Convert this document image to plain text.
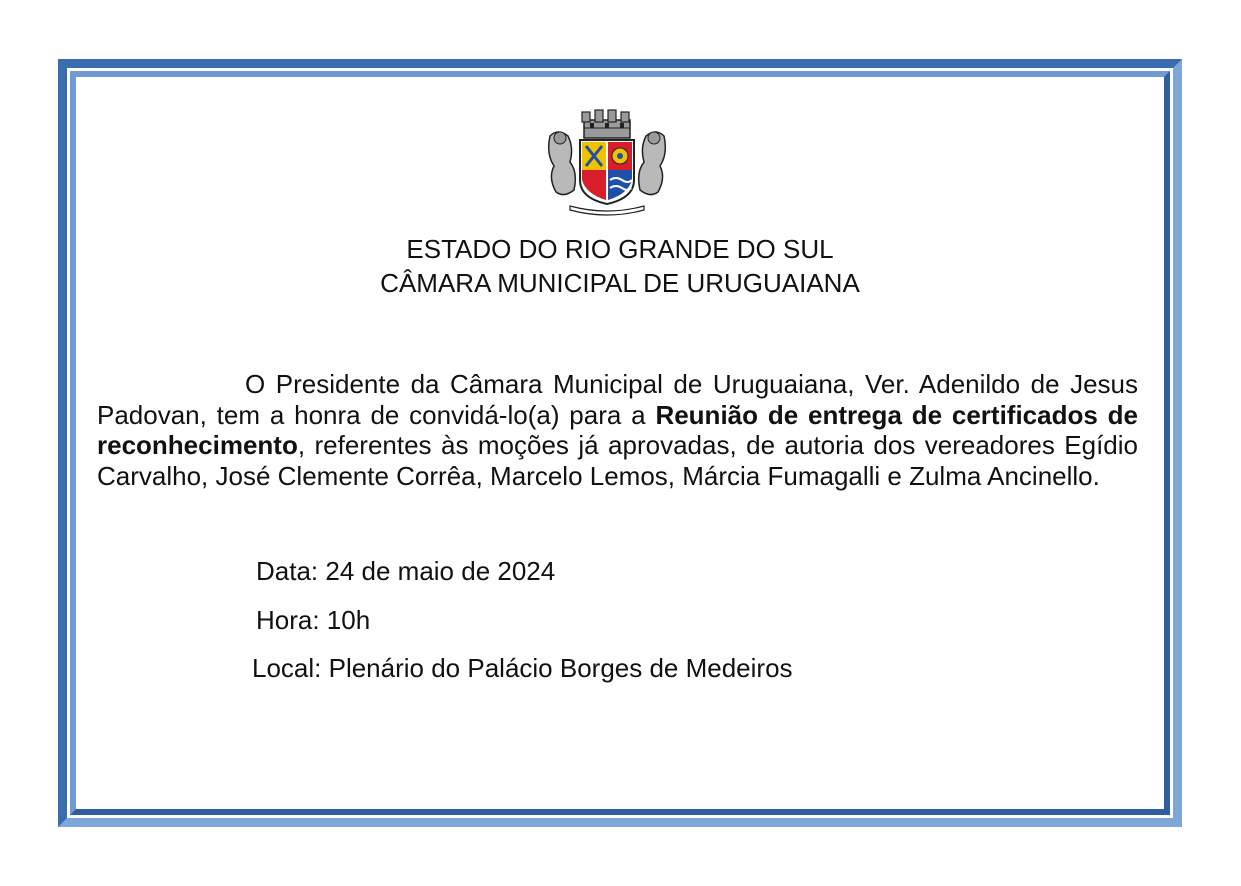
ESTADO DO RIO GRANDE DO SUL
CÂMARA MUNICIPAL DE URUGUAIANA
O Presidente da Câmara Municipal de Uruguaiana, Ver. Adenildo de Jesus Padovan, tem a honra de convidá-lo(a) para a Reunião de entrega de certificados de reconhecimento, referentes às moções já aprovadas, de autoria dos vereadores Egídio Carvalho, José Clemente Corrêa, Marcelo Lemos, Márcia Fumagalli e Zulma Ancinello.
Data: 24 de maio de 2024
Hora: 10h
Local: Plenário do Palácio Borges de Medeiros
